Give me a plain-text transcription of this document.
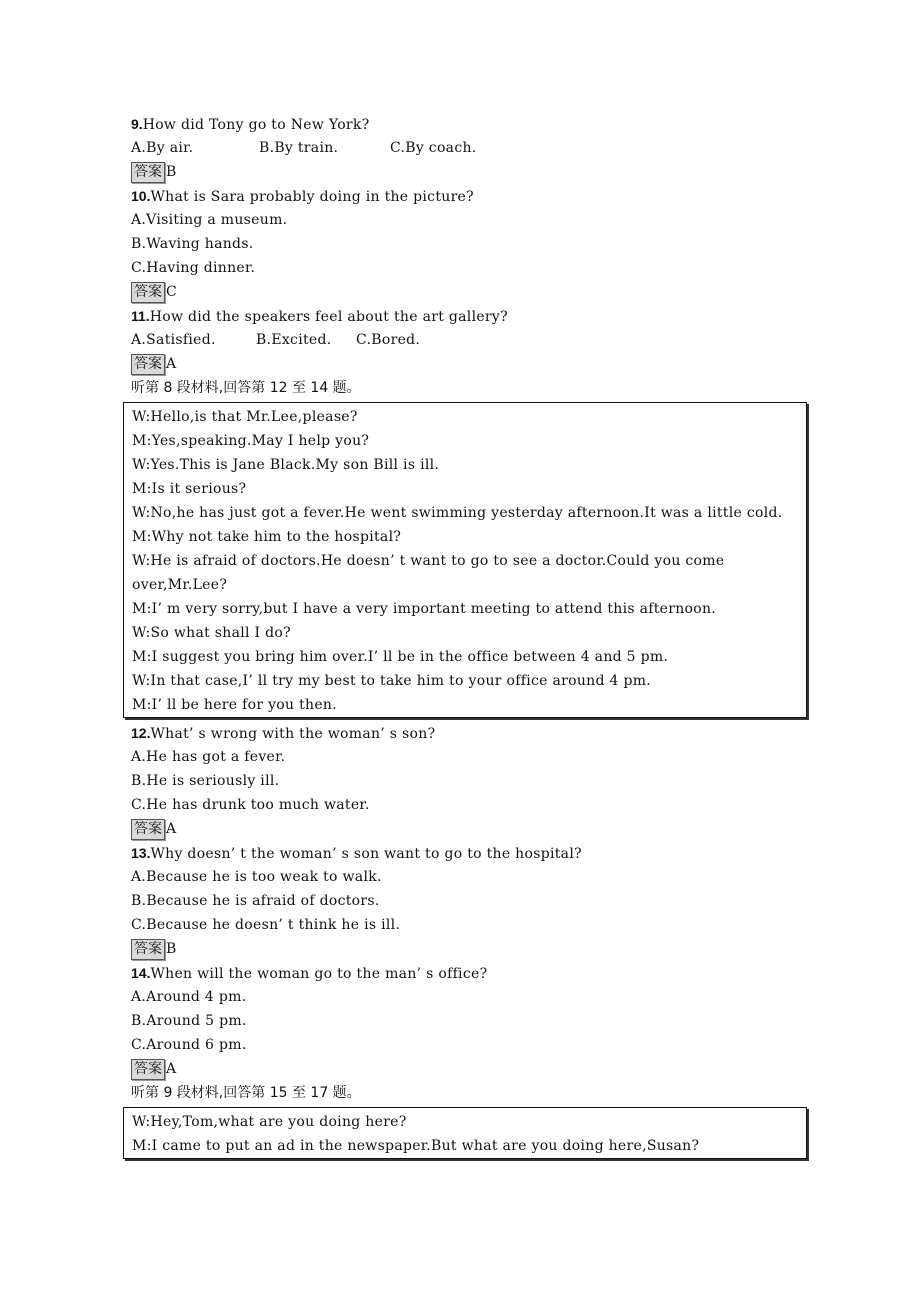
9.How did Tony go to New York?
A.By air.	B.By train.	C.By coach.
答案 B
10.What is Sara probably doing in the picture?
A.Visiting a museum.
B.Waving hands.
C.Having dinner.
答案 C
11.How did the speakers feel about the art gallery?
A.Satisfied.	B.Excited. C.Bored.
答案 A
听第 8 段材料,回答第 12 至 14 题。
W:Hello,is that Mr.Lee,please?
M:Yes,speaking.May I help you?
W:Yes.This is Jane Black.My son Bill is ill.
M:Is it serious?
W:No,he has just got a fever.He went swimming yesterday afternoon.It was a little cold.
M:Why not take him to the hospital?
W:He is afraid of doctors.He doesn’ t want to go to see a doctor.Could you come over,Mr.Lee?
M:I’ m very sorry,but I have a very important meeting to attend this afternoon.
W:So what shall I do?
M:I suggest you bring him over.I’ ll be in the office between 4 and 5 pm.
W:In that case,I’ ll try my best to take him to your office around 4 pm.
M:I’ ll be here for you then.
12.What’ s wrong with the woman’ s son?
A.He has got a fever.
B.He is seriously ill.
C.He has drunk too much water.
答案 A
13.Why doesn’ t the woman’ s son want to go to the hospital?
A.Because he is too weak to walk.
B.Because he is afraid of doctors.
C.Because he doesn’ t think he is ill.
答案 B
14.When will the woman go to the man’ s office?
A.Around 4 pm.
B.Around 5 pm.
C.Around 6 pm.
答案 A
听第 9 段材料,回答第 15 至 17 题。
W:Hey,Tom,what are you doing here?
M:I came to put an ad in the newspaper.But what are you doing here,Susan?
